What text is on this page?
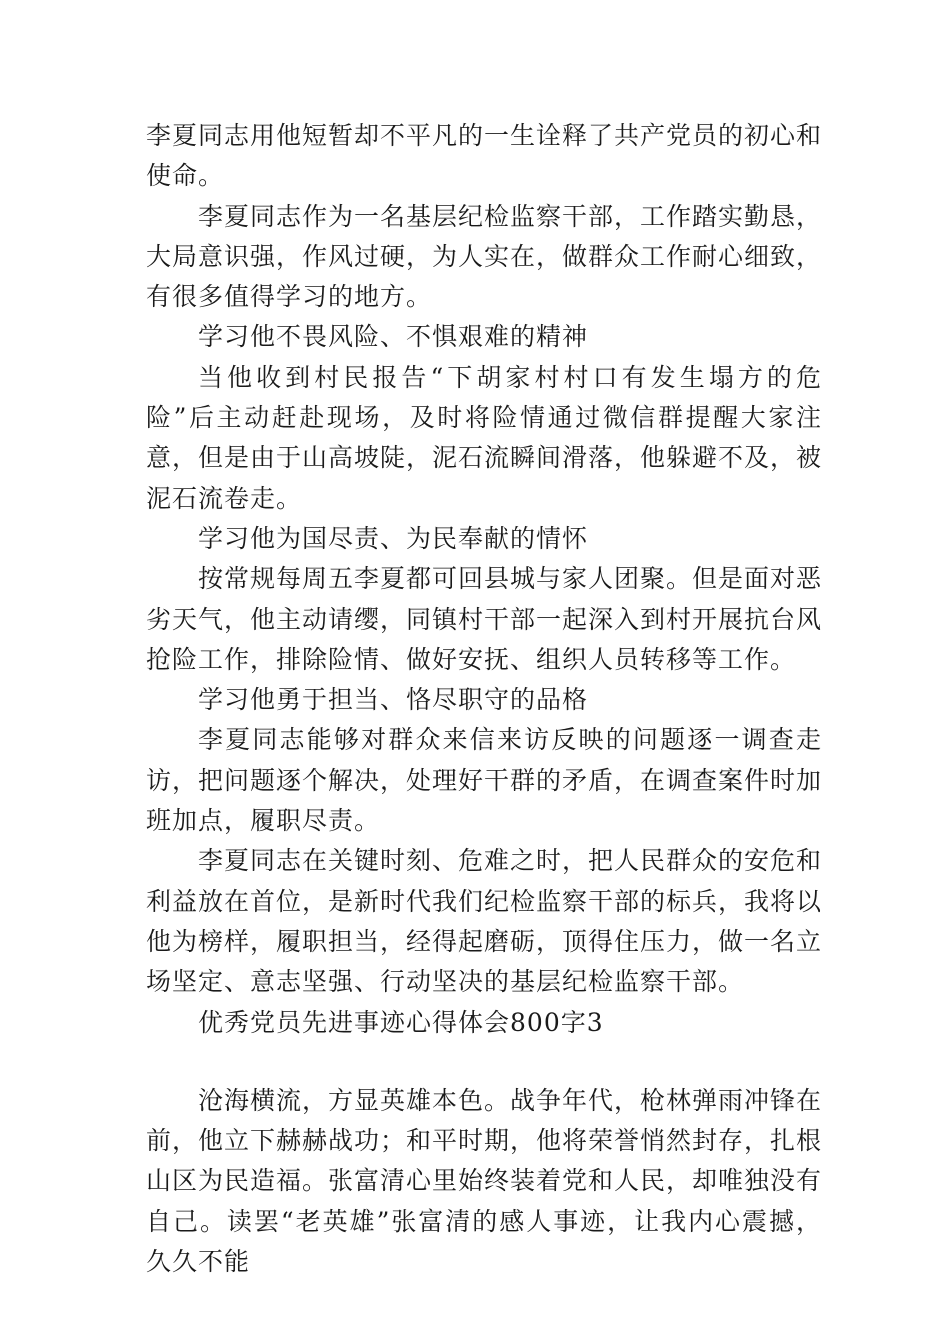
李夏同志用他短暂却不平凡的一生诠释了共产党员的初心和使命。

李夏同志作为一名基层纪检监察干部，工作踏实勤恳，大局意识强，作风过硬，为人实在，做群众工作耐心细致，有很多值得学习的地方。

学习他不畏风险、不惧艰难的精神

当他收到村民报告“下胡家村村口有发生塌方的危险”后主动赶赴现场，及时将险情通过微信群提醒大家注意，但是由于山高坡陡，泥石流瞬间滑落，他躲避不及，被泥石流卷走。

学习他为国尽责、为民奉献的情怀

按常规每周五李夏都可回县城与家人团聚。但是面对恶劣天气，他主动请缨，同镇村干部一起深入到村开展抗台风抢险工作，排除险情、做好安抚、组织人员转移等工作。

学习他勇于担当、恪尽职守的品格

李夏同志能够对群众来信来访反映的问题逐一调查走访，把问题逐个解决，处理好干群的矛盾，在调查案件时加班加点，履职尽责。

李夏同志在关键时刻、危难之时，把人民群众的安危和利益放在首位，是新时代我们纪检监察干部的标兵，我将以他为榜样，履职担当，经得起磨砺，顶得住压力，做一名立场坚定、意志坚强、行动坚决的基层纪检监察干部。

优秀党员先进事迹心得体会800字3

沧海横流，方显英雄本色。战争年代，枪林弹雨冲锋在前，他立下赫赫战功；和平时期，他将荣誉悄然封存，扎根山区为民造福。张富清心里始终装着党和人民，却唯独没有自己。读罢“老英雄”张富清的感人事迹，让我内心震撼，久久不能
